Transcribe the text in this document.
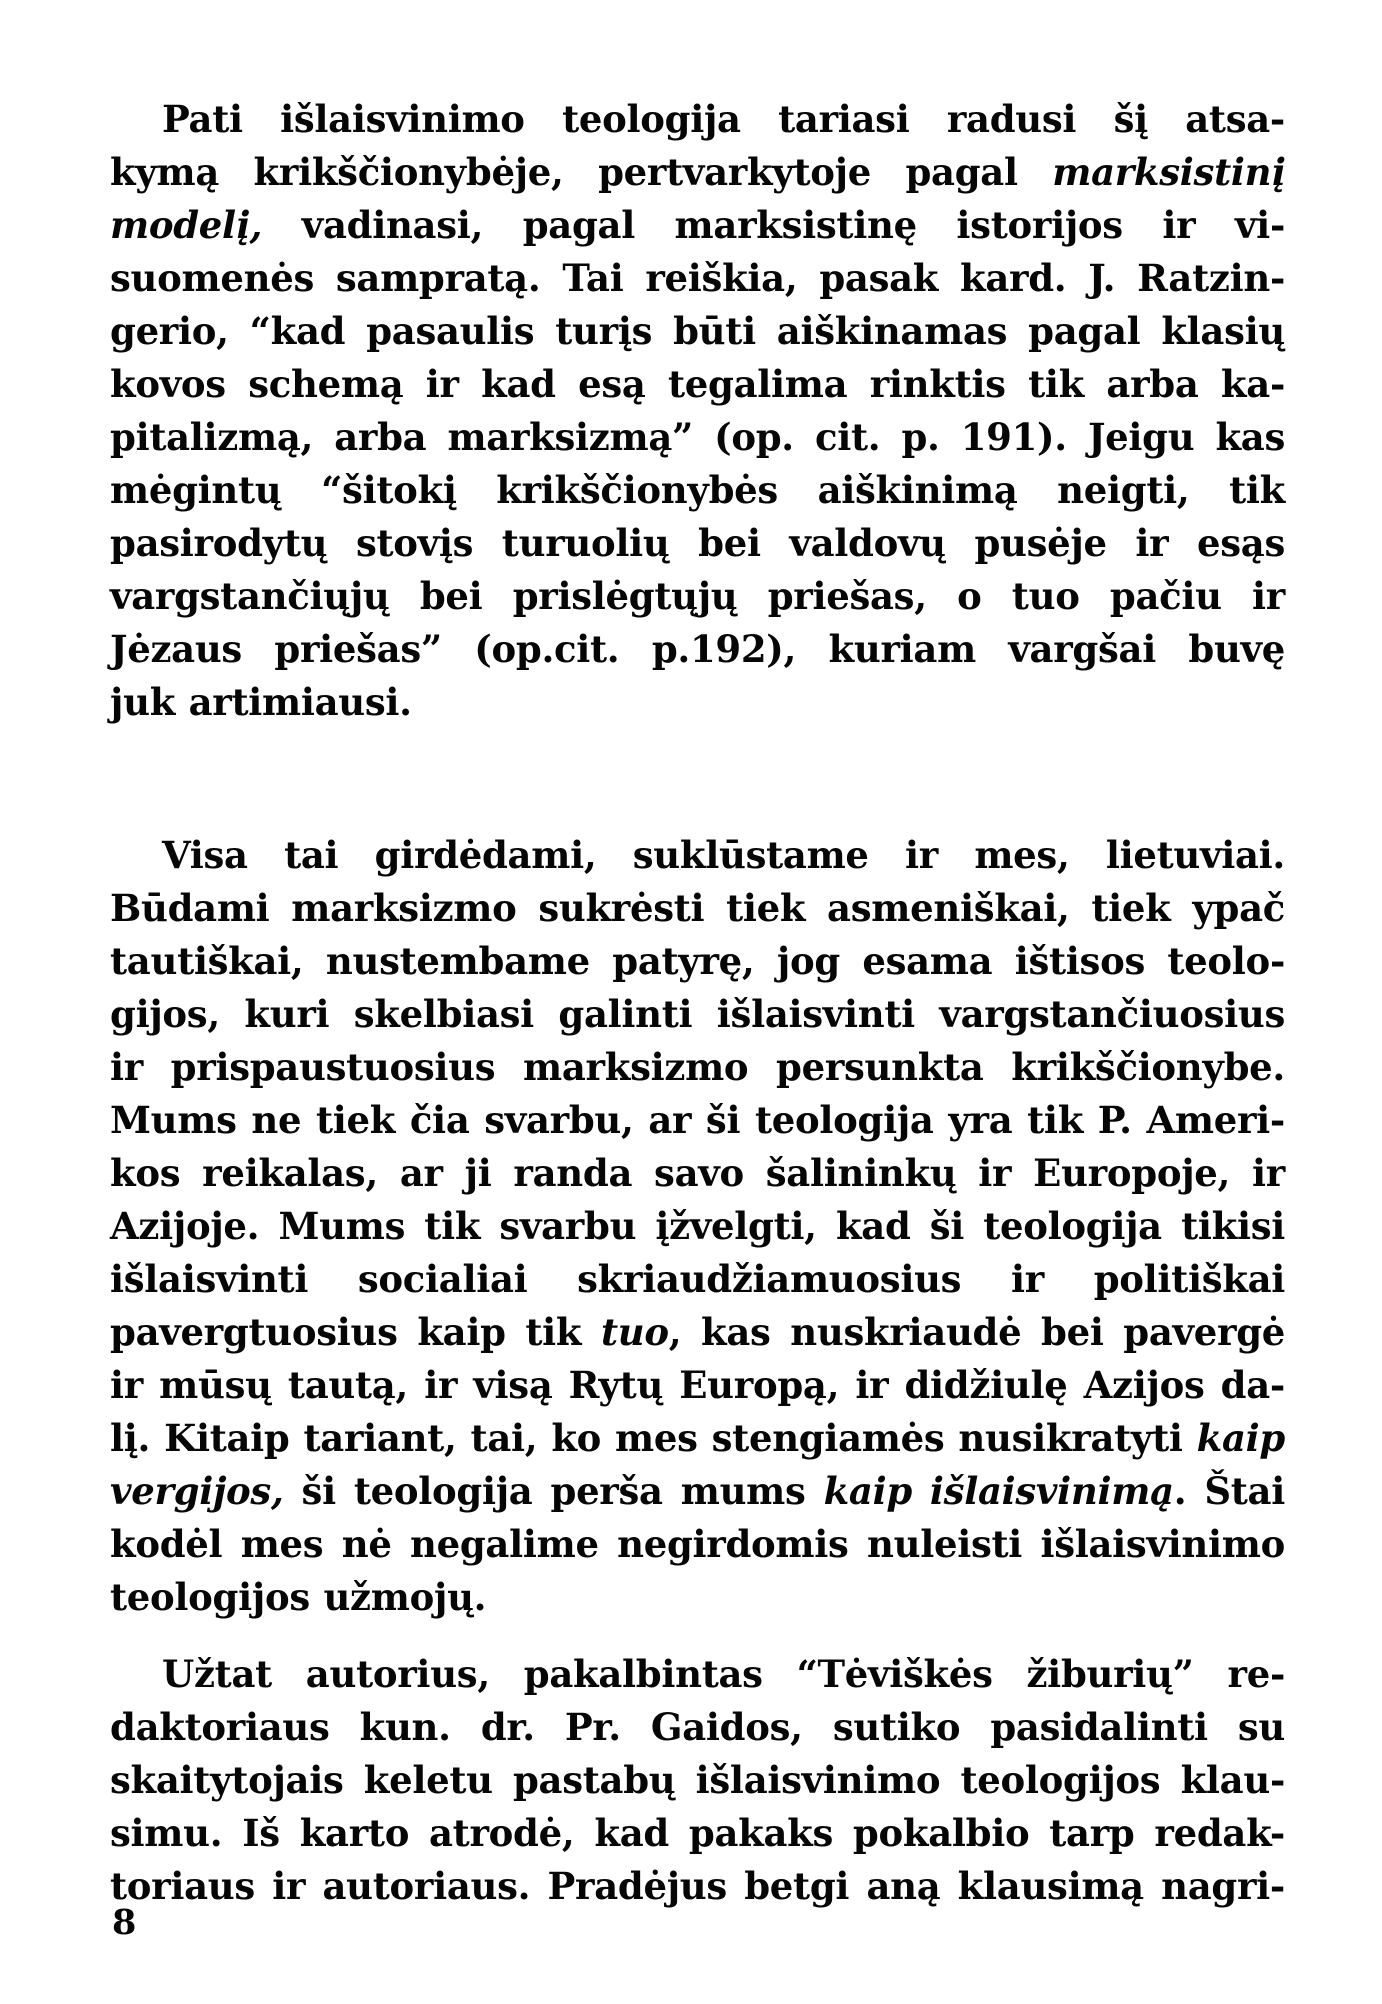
Pati išlaisvinimo teologija tariasi radusi šį atsa-
kymą krikščionybėje, pertvarkytoje pagal marksistinį
modelį, vadinasi, pagal marksistinę istorijos ir vi-
suomenės sampratą. Tai reiškia, pasak kard. J. Ratzin-
gerio, “kad pasaulis turįs būti aiškinamas pagal klasių
kovos schemą ir kad esą tegalima rinktis tik arba ka-
pitalizmą, arba marksizmą” (op. cit. p. 191). Jeigu kas
mėgintų “šitokį krikščionybės aiškinimą neigti, tik
pasirodytų stovįs turuolių bei valdovų pusėje ir esąs
vargstančiųjų bei prislėgtųjų priešas, o tuo pačiu ir
Jėzaus priešas” (op.cit. p.192), kuriam vargšai buvę
juk artimiausi.
Visa tai girdėdami, suklūstame ir mes, lietuviai.
Būdami marksizmo sukrėsti tiek asmeniškai, tiek ypač
tautiškai, nustembame patyrę, jog esama ištisos teolo-
gijos, kuri skelbiasi galinti išlaisvinti vargstančiuosius
ir prispaustuosius marksizmo persunkta krikščionybe.
Mums ne tiek čia svarbu, ar ši teologija yra tik P. Ameri-
kos reikalas, ar ji randa savo šalininkų ir Europoje, ir
Azijoje. Mums tik svarbu įžvelgti, kad ši teologija tikisi
išlaisvinti socialiai skriaudžiamuosius ir politiškai
pavergtuosius kaip tik tuo, kas nuskriaudė bei pavergė
ir mūsų tautą, ir visą Rytų Europą, ir didžiulę Azijos da-
lį. Kitaip tariant, tai, ko mes stengiamės nusikratyti kaip
vergijos, ši teologija perša mums kaip išlaisvinimą. Štai
kodėl mes nė negalime negirdomis nuleisti išlaisvinimo
teologijos užmojų.
Užtat autorius, pakalbintas “Tėviškės žiburių” re-
daktoriaus kun. dr. Pr. Gaidos, sutiko pasidalinti su
skaitytojais keletu pastabų išlaisvinimo teologijos klau-
simu. Iš karto atrodė, kad pakaks pokalbio tarp redak-
toriaus ir autoriaus. Pradėjus betgi aną klausimą nagri-
8
